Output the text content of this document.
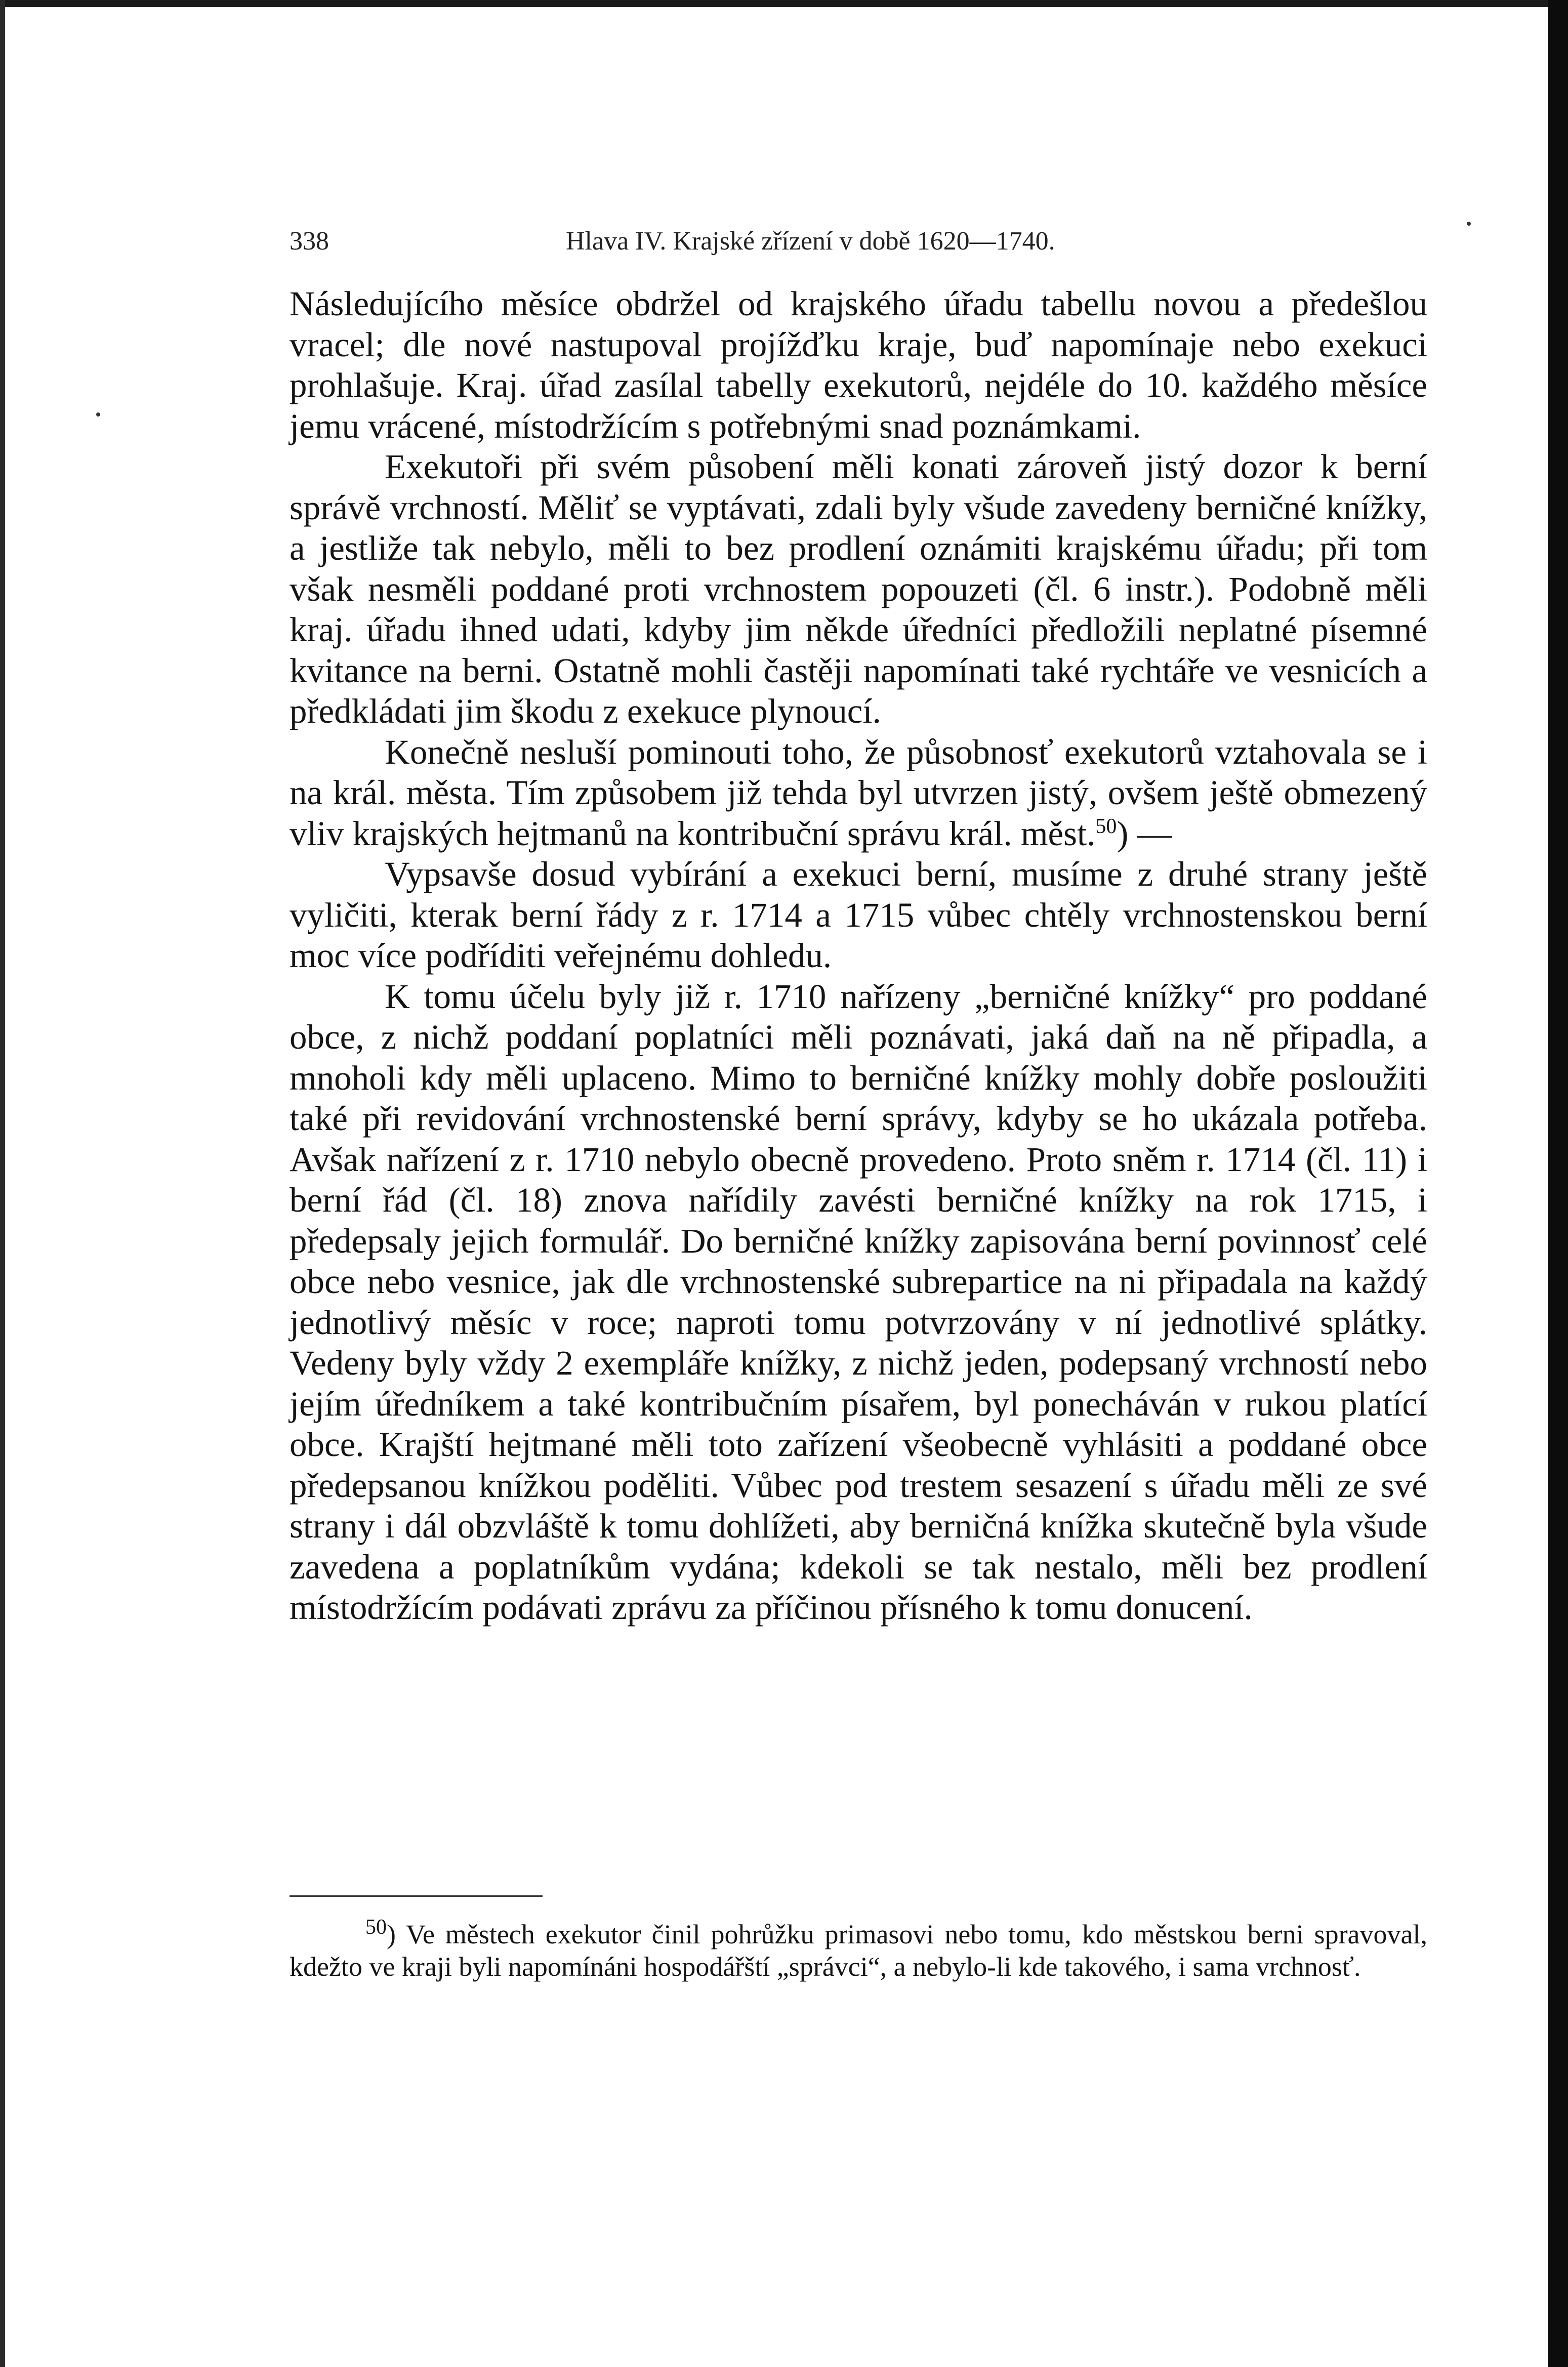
338	Hlava IV. Krajské zřízení v době 1620—1740.

Následujícího měsíce obdržel od krajského úřadu tabellu novou a předešlou vracel; dle nové nastupoval projížďku kraje, buď napomínaje nebo exekuci prohlašuje. Kraj. úřad zasílal tabelly exekutorů, nejdéle do 10. každého měsíce jemu vrácené, místodržícím s potřebnými snad poznámkami.

Exekutoři při svém působení měli konati zároveň jistý dozor k berní správě vrchností. Měliť se vyptávati, zdali byly všude zavedeny berničné knížky, a jestliže tak nebylo, měli to bez prodlení oznámiti krajskému úřadu; při tom však nesměli poddané proti vrchnostem popouzeti (čl. 6 instr.). Podobně měli kraj. úřadu ihned udati, kdyby jim někde úředníci předložili neplatné písemné kvitance na berni. Ostatně mohli častěji napomínati také rychtáře ve vesnicích a předkládati jim škodu z exekuce plynoucí.

Konečně nesluší pominouti toho, že působnosť exekutorů vztahovala se i na král. města. Tím způsobem již tehda byl utvrzen jistý, ovšem ještě obmezený vliv krajských hejtmanů na kontribuční správu král. měst.$^{50}$) —

Vypsavše dosud vybírání a exekuci berní, musíme z druhé strany ještě vyličiti, kterak berní řády z r. 1714 a 1715 vůbec chtěly vrchnostenskou berní moc více podříditi veřejnému dohledu.

K tomu účelu byly již r. 1710 nařízeny „berničné knížky“ pro poddané obce, z nichž poddaní poplatníci měli poznávati, jaká daň na ně připadla, a mnoholi kdy měli uplaceno. Mimo to berničné knížky mohly dobře posloužiti také při revidování vrchnostenské berní správy, kdyby se ho ukázala potřeba. Avšak nařízení z r. 1710 nebylo obecně provedeno. Proto sněm r. 1714 (čl. 11) i berní řád (čl. 18) znova nařídily zavésti berničné knížky na rok 1715, i předepsaly jejich formulář. Do berničné knížky zapisována berní povinnosť celé obce nebo vesnice, jak dle vrchnostenské subrepartice na ni připadala na každý jednotlivý měsíc v roce; naproti tomu potvrzovány v ní jednotlivé splátky. Vedeny byly vždy 2 exempláře knížky, z nichž jeden, podepsaný vrchností nebo jejím úředníkem a také kontribučním písařem, byl ponecháván v rukou platící obce. Krajští hejtmané měli toto zařízení všeobecně vyhlásiti a poddané obce předepsanou knížkou poděliti. Vůbec pod trestem sesazení s úřadu měli ze své strany i dál obzvláště k tomu dohlížeti, aby berničná knížka skutečně byla všude zavedena a poplatníkům vydána; kdekoli se tak nestalo, měli bez prodlení místodržícím podávati zprávu za příčinou přísného k tomu donucení.

$^{50}$) Ve městech exekutor činil pohrůžku primasovi nebo tomu, kdo městskou berni spravoval, kdežto ve kraji byli napomínáni hospodářští „správci“, a nebylo-li kde takového, i sama vrchnosť.
